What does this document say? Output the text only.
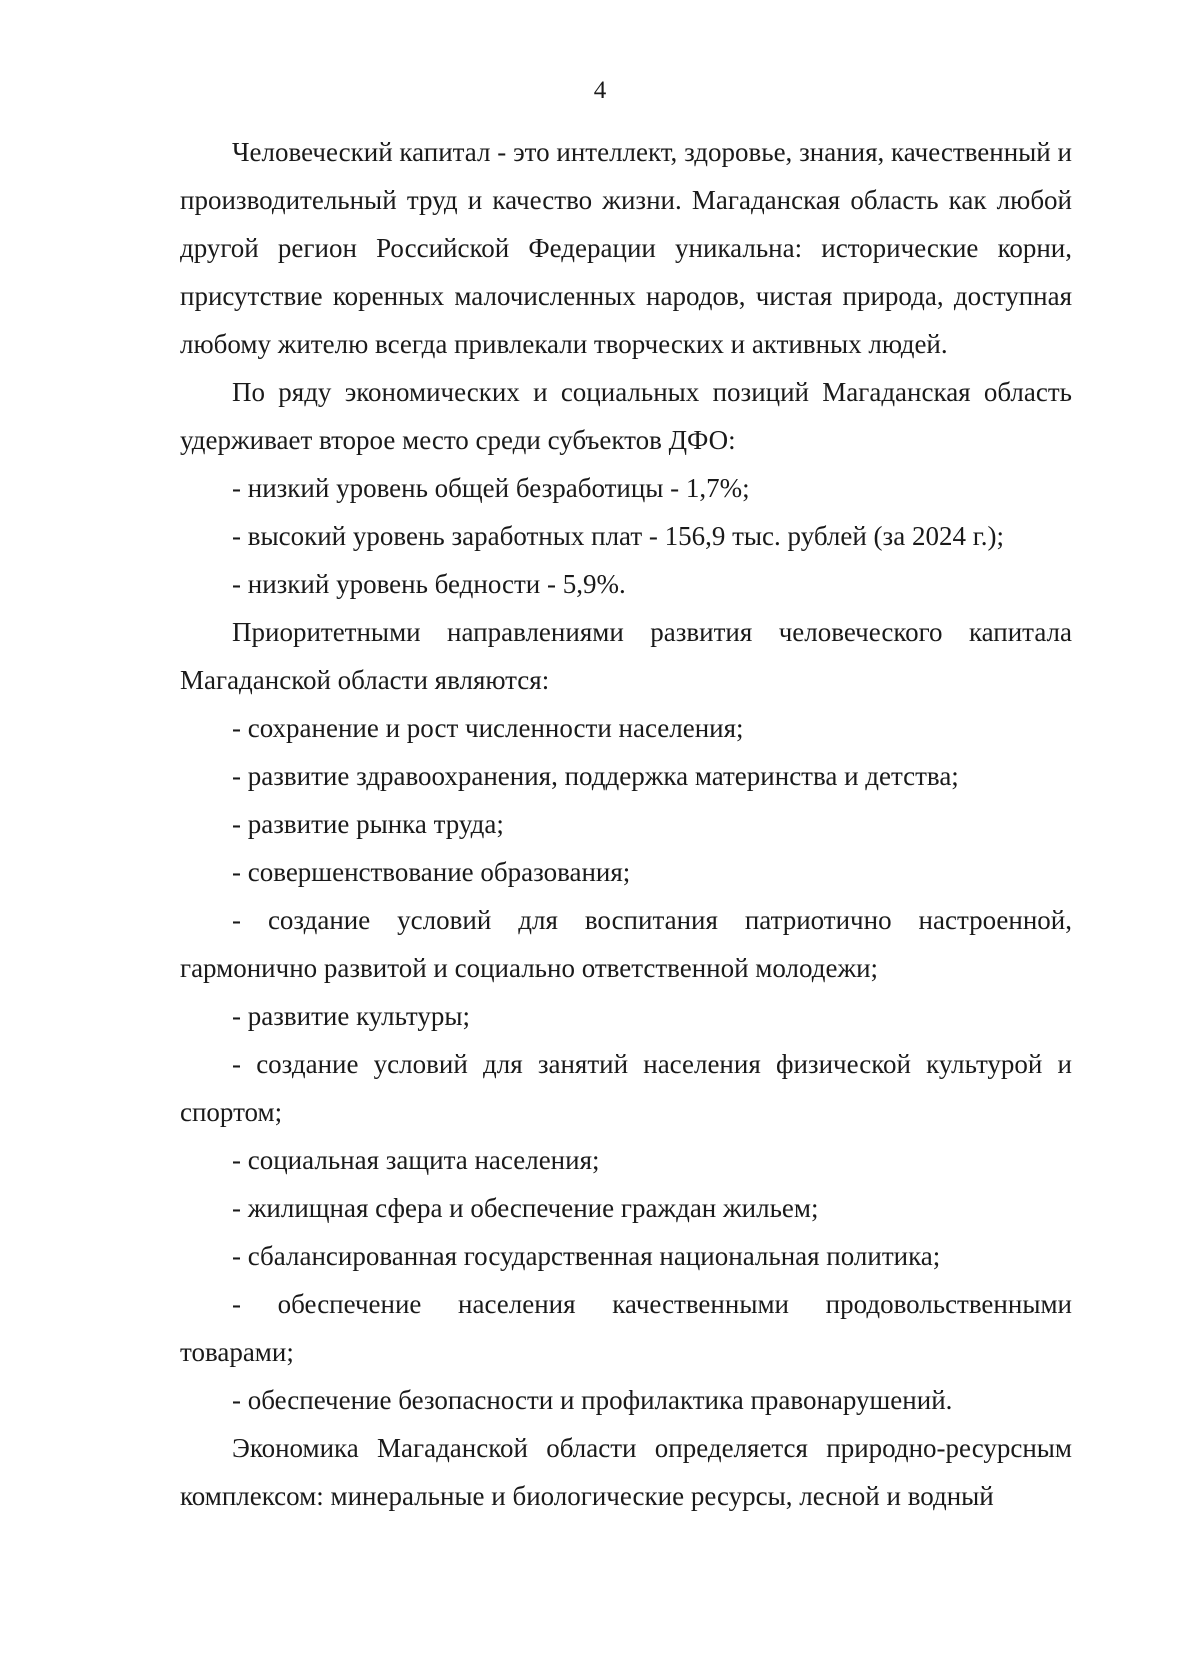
4

Человеческий капитал - это интеллект, здоровье, знания, качественный и производительный труд и качество жизни. Магаданская область как любой другой регион Российской Федерации уникальна: исторические корни, присутствие коренных малочисленных народов, чистая природа, доступная любому жителю всегда привлекали творческих и активных людей.

По ряду экономических и социальных позиций Магаданская область удерживает второе место среди субъектов ДФО:

- низкий уровень общей безработицы - 1,7%;

- высокий уровень заработных плат - 156,9 тыс. рублей (за 2024 г.);

- низкий уровень бедности - 5,9%.

Приоритетными направлениями развития человеческого капитала Магаданской области являются:

- сохранение и рост численности населения;

- развитие здравоохранения, поддержка материнства и детства;

- развитие рынка труда;

- совершенствование образования;

- создание условий для воспитания патриотично настроенной, гармонично развитой и социально ответственной молодежи;

- развитие культуры;

- создание условий для занятий населения физической культурой и спортом;

- социальная защита населения;

- жилищная сфера и обеспечение граждан жильем;

- сбалансированная государственная национальная политика;

- обеспечение населения качественными продовольственными товарами;

- обеспечение безопасности и профилактика правонарушений.

Экономика Магаданской области определяется природно-ресурсным комплексом: минеральные и биологические ресурсы, лесной и водный
